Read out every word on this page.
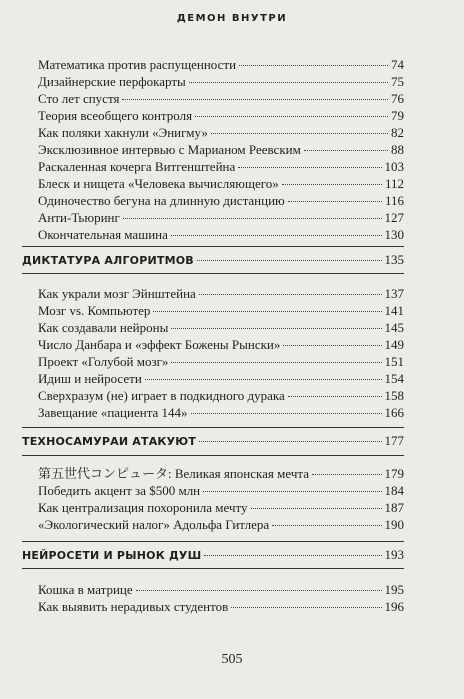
ДЕМОН ВНУТРИ
Математика против распущенности	74
Дизайнерские перфокарты	75
Сто лет спустя	76
Теория всеобщего контроля	79
Как поляки хакнули «Энигму»	82
Эксклюзивное интервью с Марианом Реевским	88
Раскаленная кочерга Витгенштейна	103
Блеск и нищета «Человека вычисляющего»	112
Одиночество бегуна на длинную дистанцию	116
Анти-Тьюринг	127
Окончательная машина	130
ДИКТАТУРА АЛГОРИТМОВ	135
Как украли мозг Эйнштейна	137
Мозг vs. Компьютер	141
Как создавали нейроны	145
Число Данбара и «эффект Божены Рынски»	149
Проект «Голубой мозг»	151
Идиш и нейросети	154
Сверхразум (не) играет в подкидного дурака	158
Завещание «пациента 144»	166
ТЕХНОСАМУРАИ АТАКУЮТ	177
第五世代コンピュータ: Великая японская мечта	179
Победить акцент за $500 млн	184
Как централизация похоронила мечту	187
«Экологический налог» Адольфа Гитлера	190
НЕЙРОСЕТИ И РЫНОК ДУШ	193
Кошка в матрице	195
Как выявить нерадивых студентов	196
505
